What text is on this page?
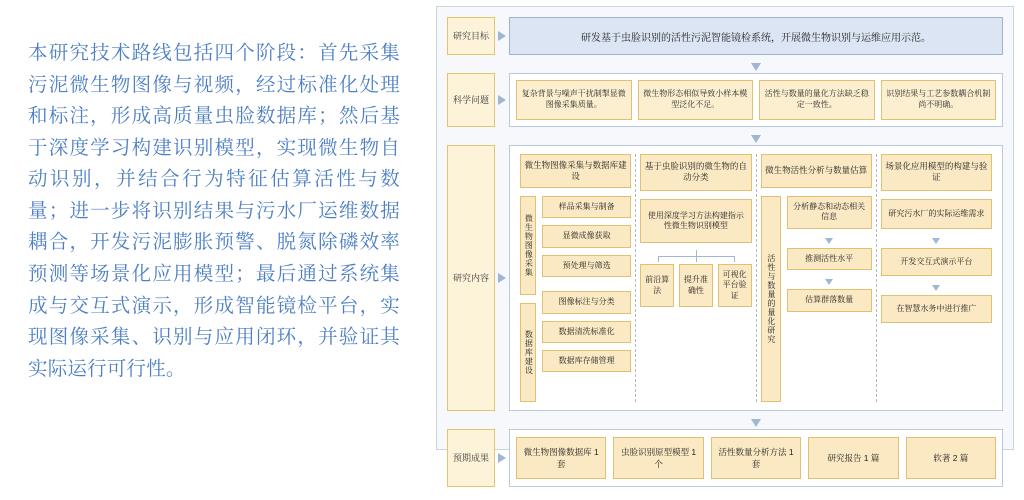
本研究技术路线包括四个阶段：首先采集污泥微生物图像与视频，经过标准化处理和标注，形成高质量虫脸数据库；然后基于深度学习构建识别模型，实现微生物自动识别，并结合行为特征估算活性与数量；进一步将识别结果与污水厂运维数据耦合，开发污泥膨胀预警、脱氮除磷效率预测等场景化应用模型；最后通过系统集成与交互式演示，形成智能镜检平台，实现图像采集、识别与应用闭环，并验证其实际运行可行性。
研究目标	研发基于虫脸识别的活性污泥智能镜检系统，开展微生物识别与运维应用示范。
科学问题
复杂背景与噪声干扰制掣显微图像采集质量。
微生物形态相似导致小样本模型泛化不足。
活性与数量的量化方法缺乏稳定一致性。
识别结果与工艺参数耦合机制尚不明确。
研究内容
微生物图像采集与数据库建设
微生物图像采集
数据库建设
样品采集与制备
显微成像获取
预处理与筛选
图像标注与分类
数据清洗标准化
数据库存储管理
基于虫脸识别的微生物的自动分类
使用深度学习方法构建指示性微生物识别模型
前沿算法
提升准确性
可视化平台验证
微生物活性分析与数量估算
活性与数量的量化研究
分析静态和动态相关信息
推测活性水平
估算群落数量
场景化应用模型的构建与验证
研究污水厂的实际运维需求
开发交互式演示平台
在智慧水务中进行推广
预期成果
微生物图像数据库 1 套
虫脸识别原型模型 1 个
活性数量分析方法 1 套
研究报告 1 篇	软著 2 篇
